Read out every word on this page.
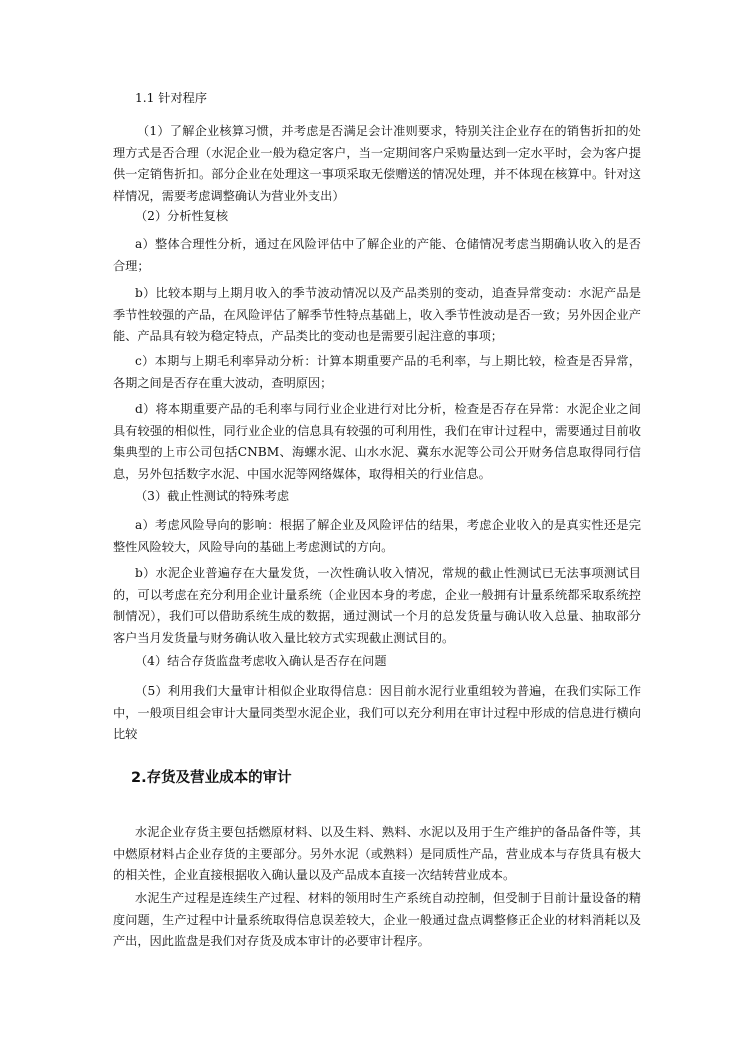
1.1 针对程序

（1）了解企业核算习惯，并考虑是否满足会计准则要求，特别关注企业存在的销售折扣的处理方式是否合理（水泥企业一般为稳定客户，当一定期间客户采购量达到一定水平时，会为客户提供一定销售折扣。部分企业在处理这一事项采取无偿赠送的情况处理，并不体现在核算中。针对这样情况，需要考虑调整确认为营业外支出）

（2）分析性复核

a）整体合理性分析，通过在风险评估中了解企业的产能、仓储情况考虑当期确认收入的是否合理；

b）比较本期与上期月收入的季节波动情况以及产品类别的变动，追查异常变动：水泥产品是季节性较强的产品，在风险评估了解季节性特点基础上，收入季节性波动是否一致；另外因企业产能、产品具有较为稳定特点，产品类比的变动也是需要引起注意的事项；

c）本期与上期毛利率异动分析：计算本期重要产品的毛利率，与上期比较，检查是否异常，各期之间是否存在重大波动，查明原因；

d）将本期重要产品的毛利率与同行业企业进行对比分析，检查是否存在异常：水泥企业之间具有较强的相似性，同行业企业的信息具有较强的可利用性，我们在审计过程中，需要通过目前收集典型的上市公司包括CNBM、海螺水泥、山水水泥、冀东水泥等公司公开财务信息取得同行信息，另外包括数字水泥、中国水泥等网络媒体，取得相关的行业信息。

（3）截止性测试的特殊考虑

a）考虑风险导向的影响：根据了解企业及风险评估的结果，考虑企业收入的是真实性还是完整性风险较大，风险导向的基础上考虑测试的方向。

b）水泥企业普遍存在大量发货，一次性确认收入情况，常规的截止性测试已无法事项测试目的，可以考虑在充分利用企业计量系统（企业因本身的考虑，企业一般拥有计量系统都采取系统控制情况），我们可以借助系统生成的数据，通过测试一个月的总发货量与确认收入总量、抽取部分客户当月发货量与财务确认收入量比较方式实现截止测试目的。

（4）结合存货监盘考虑收入确认是否存在问题

（5）利用我们大量审计相似企业取得信息：因目前水泥行业重组较为普遍，在我们实际工作中，一般项目组会审计大量同类型水泥企业，我们可以充分利用在审计过程中形成的信息进行横向比较

2.存货及营业成本的审计

水泥企业存货主要包括燃原材料、以及生料、熟料、水泥以及用于生产维护的备品备件等，其中燃原材料占企业存货的主要部分。另外水泥（或熟料）是同质性产品，营业成本与存货具有极大的相关性，企业直接根据收入确认量以及产品成本直接一次结转营业成本。

水泥生产过程是连续生产过程、材料的领用时生产系统自动控制，但受制于目前计量设备的精度问题，生产过程中计量系统取得信息误差较大，企业一般通过盘点调整修正企业的材料消耗以及产出，因此监盘是我们对存货及成本审计的必要审计程序。
